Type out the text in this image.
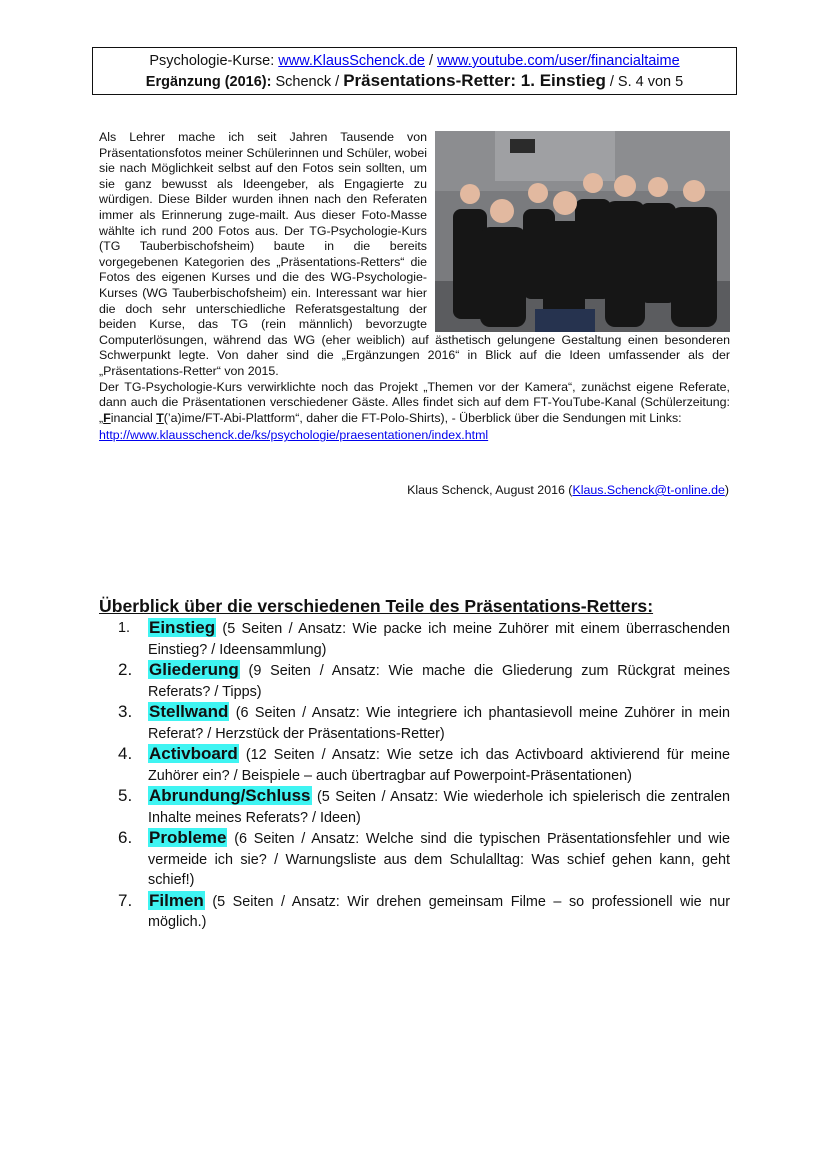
Psychologie-Kurse: www.KlausSchenck.de / www.youtube.com/user/financialtaime
Ergänzung (2016): Schenck / Präsentations-Retter: 1. Einstieg / S. 4 von 5

Als Lehrer mache ich seit Jahren Tausende von Präsentationsfotos meiner Schülerinnen und Schüler, wobei sie nach Möglichkeit selbst auf den Fotos sein sollten, um sie ganz bewusst als Ideengeber, als Engagierte zu würdigen. Diese Bilder wurden ihnen nach den Referaten immer als Erinnerung zuge-mailt. Aus dieser Foto-Masse wählte ich rund 200 Fotos aus. Der TG-Psychologie-Kurs (TG Tauberbischofsheim) baute in die bereits vorgegebenen Kategorien des „Präsentations-Retters“ die Fotos des eigenen Kurses und die des WG-Psychologie-Kurses (WG Tauberbischofsheim) ein. Interessant war hier die doch sehr unterschiedliche Referatsgestaltung der beiden Kurse, das TG (rein männlich) bevorzugte Computerlösungen, während das WG (eher weiblich) auf ästhetisch gelungene Gestaltung einen besonderen Schwerpunkt legte. Von daher sind die „Ergänzungen 2016“ in Blick auf die Ideen umfassender als der „Präsentations-Retter“ von 2015.

Der TG-Psychologie-Kurs verwirklichte noch das Projekt „Themen vor der Kamera“, zunächst eigene Referate, dann auch die Präsentationen verschiedener Gäste. Alles findet sich auf dem FT-YouTube-Kanal (Schülerzeitung: „Financial T(’a)ime/FT-Abi-Plattform“, daher die FT-Polo-Shirts), - Überblick über die Sendungen mit Links:

http://www.klausschenck.de/ks/psychologie/praesentationen/index.html
Klaus Schenck, August 2016 (Klaus.Schenck@t-online.de)
Überblick über die verschiedenen Teile des Präsentations-Retters:
1. Einstieg (5 Seiten / Ansatz: Wie packe ich meine Zuhörer mit einem überraschenden Einstieg? / Ideensammlung)
2. Gliederung (9 Seiten / Ansatz: Wie mache die Gliederung zum Rückgrat meines Referats? / Tipps)
3. Stellwand (6 Seiten / Ansatz: Wie integriere ich phantasievoll meine Zuhörer in mein Referat? / Herzstück der Präsentations-Retter)
4. Activboard (12 Seiten / Ansatz: Wie setze ich das Activboard aktivierend für meine Zuhörer ein? / Beispiele – auch übertragbar auf Powerpoint-Präsentationen)
5. Abrundung/Schluss (5 Seiten / Ansatz: Wie wiederhole ich spielerisch die zentralen Inhalte meines Referats? / Ideen)
6. Probleme (6 Seiten / Ansatz: Welche sind die typischen Präsentationsfehler und wie vermeide ich sie? / Warnungsliste aus dem Schulalltag: Was schief gehen kann, geht schief!)
7. Filmen (5 Seiten / Ansatz: Wir drehen gemeinsam Filme – so professionell wie nur möglich.)
